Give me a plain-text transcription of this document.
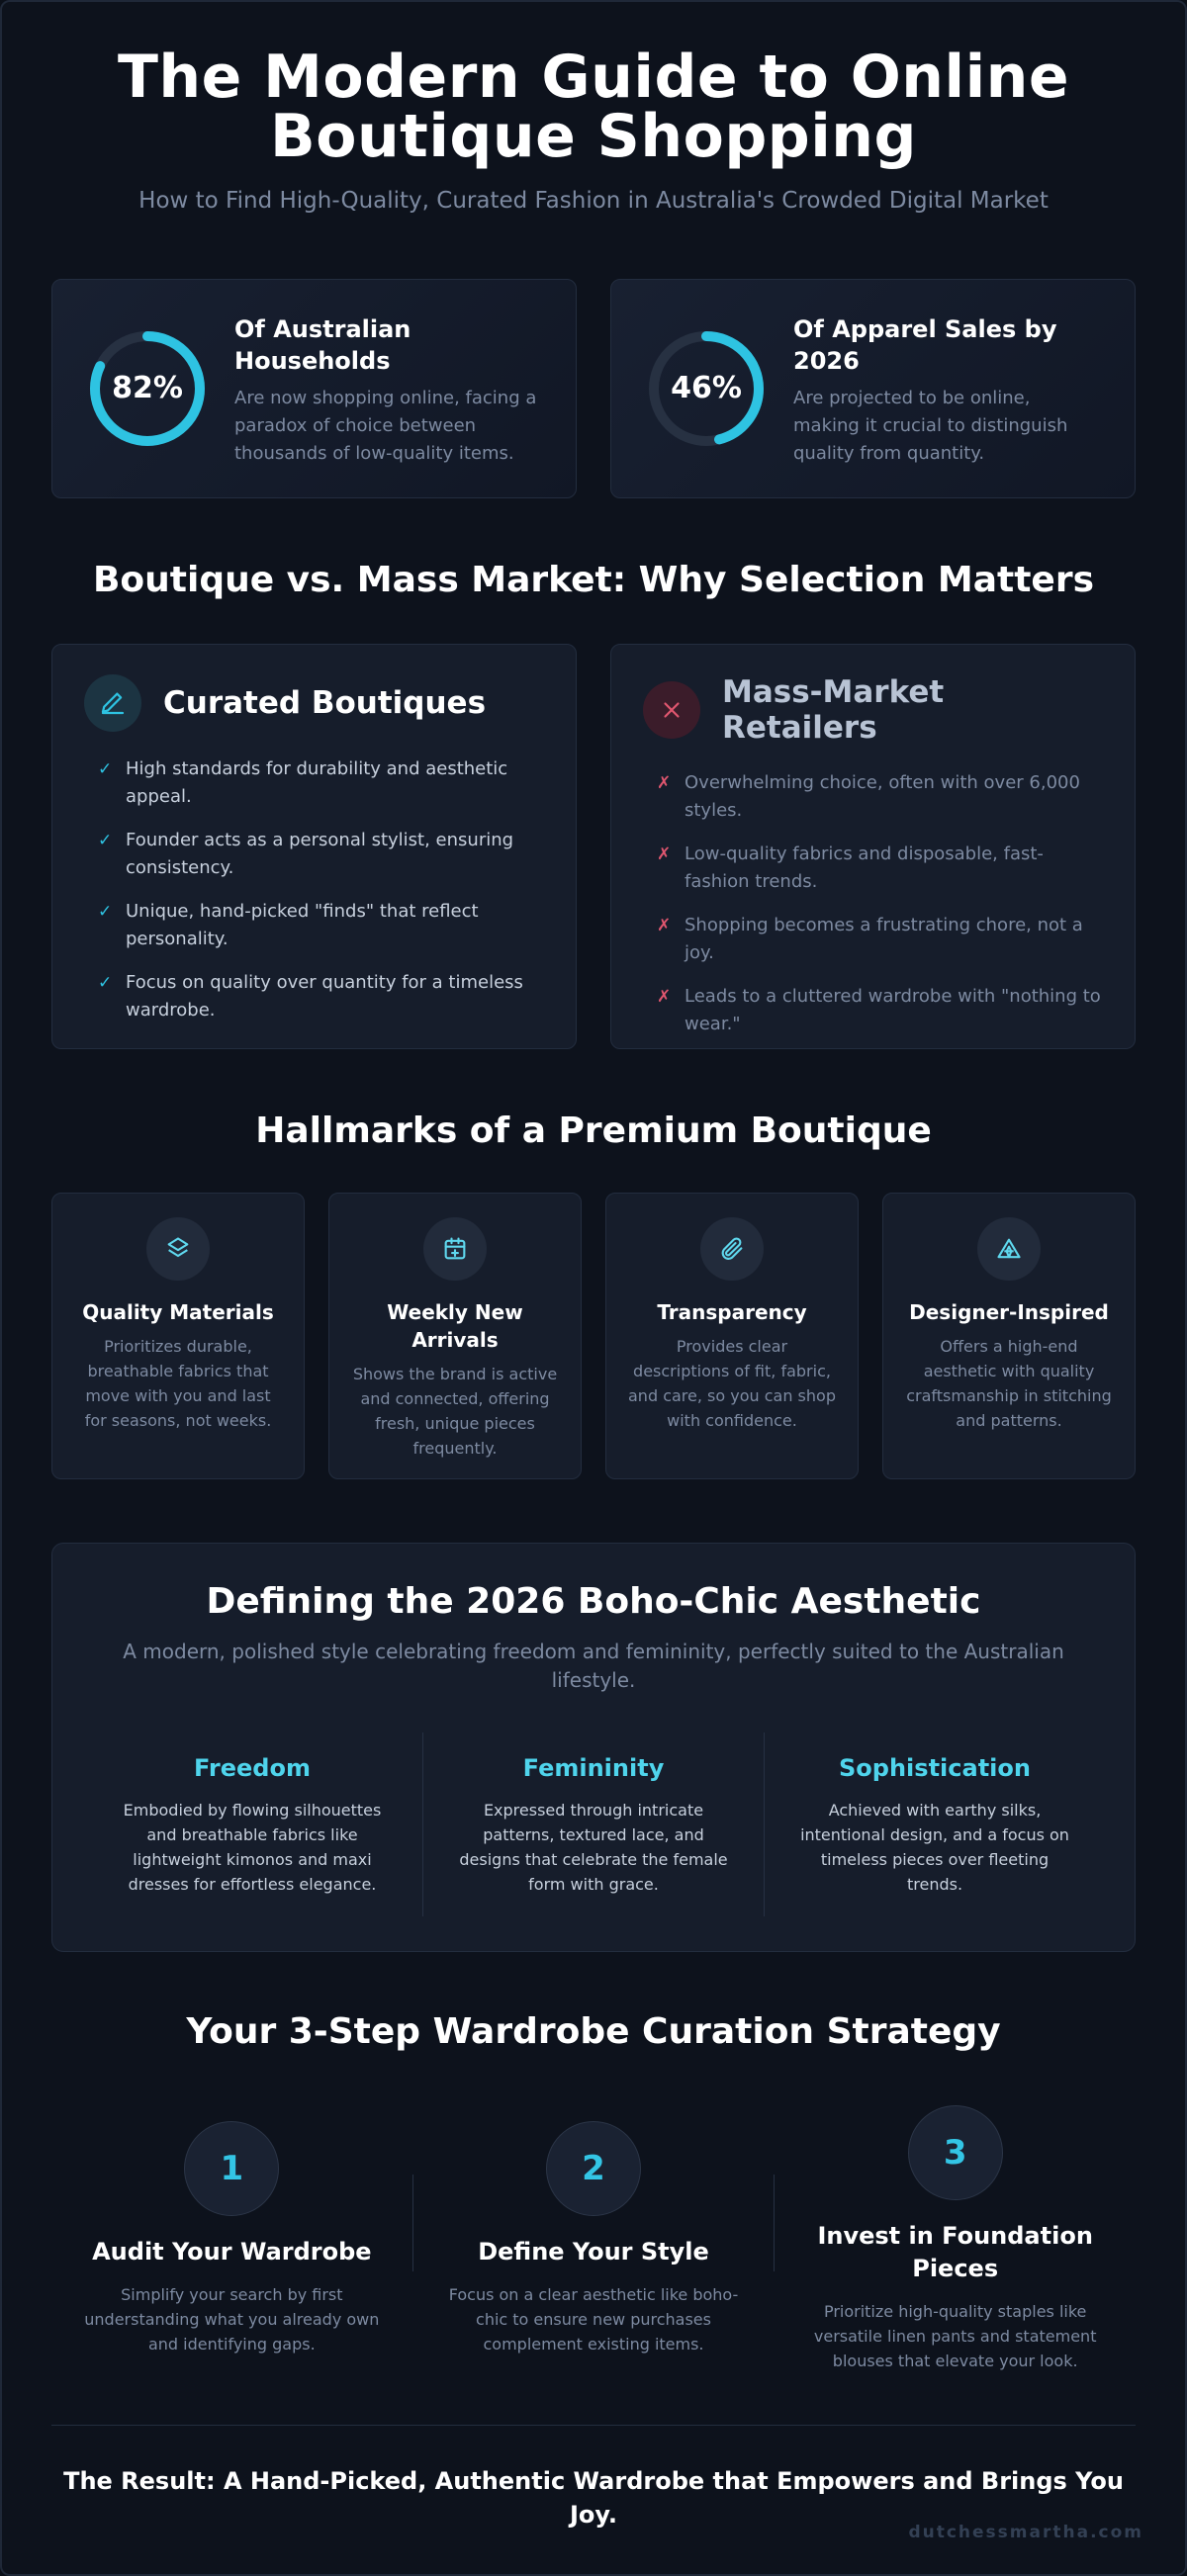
The Modern Guide to Online
Boutique Shopping
How to Find High-Quality, Curated Fashion in Australia's Crowded Digital Market
82%
Of Australian Households
Are now shopping online, facing a paradox of choice between thousands of low-quality items.
46%
Of Apparel Sales by 2026
Are projected to be online, making it crucial to distinguish quality from quantity.
Boutique vs. Mass Market: Why Selection Matters
Curated Boutiques
✓ High standards for durability and aesthetic appeal.
✓ Founder acts as a personal stylist, ensuring consistency.
✓ Unique, hand-picked "finds" that reflect personality.
✓ Focus on quality over quantity for a timeless wardrobe.
Mass-Market Retailers
✗ Overwhelming choice, often with over 6,000 styles.
✗ Low-quality fabrics and disposable, fast-fashion trends.
✗ Shopping becomes a frustrating chore, not a joy.
✗ Leads to a cluttered wardrobe with "nothing to wear."
Hallmarks of a Premium Boutique
Quality Materials
Prioritizes durable, breathable fabrics that move with you and last for seasons, not weeks.
Weekly New Arrivals
Shows the brand is active and connected, offering fresh, unique pieces frequently.
Transparency
Provides clear descriptions of fit, fabric, and care, so you can shop with confidence.
Designer-Inspired
Offers a high-end aesthetic with quality craftsmanship in stitching and patterns.
Defining the 2026 Boho-Chic Aesthetic
A modern, polished style celebrating freedom and femininity, perfectly suited to the Australian lifestyle.
Freedom
Embodied by flowing silhouettes and breathable fabrics like lightweight kimonos and maxi dresses for effortless elegance.
Femininity
Expressed through intricate patterns, textured lace, and designs that celebrate the female form with grace.
Sophistication
Achieved with earthy silks, intentional design, and a focus on timeless pieces over fleeting trends.
Your 3-Step Wardrobe Curation Strategy
1
Audit Your Wardrobe
Simplify your search by first understanding what you already own and identifying gaps.
2
Define Your Style
Focus on a clear aesthetic like boho-chic to ensure new purchases complement existing items.
3
Invest in Foundation Pieces
Prioritize high-quality staples like versatile linen pants and statement blouses that elevate your look.
The Result: A Hand-Picked, Authentic Wardrobe that Empowers and Brings You Joy.
dutchessmartha.com
